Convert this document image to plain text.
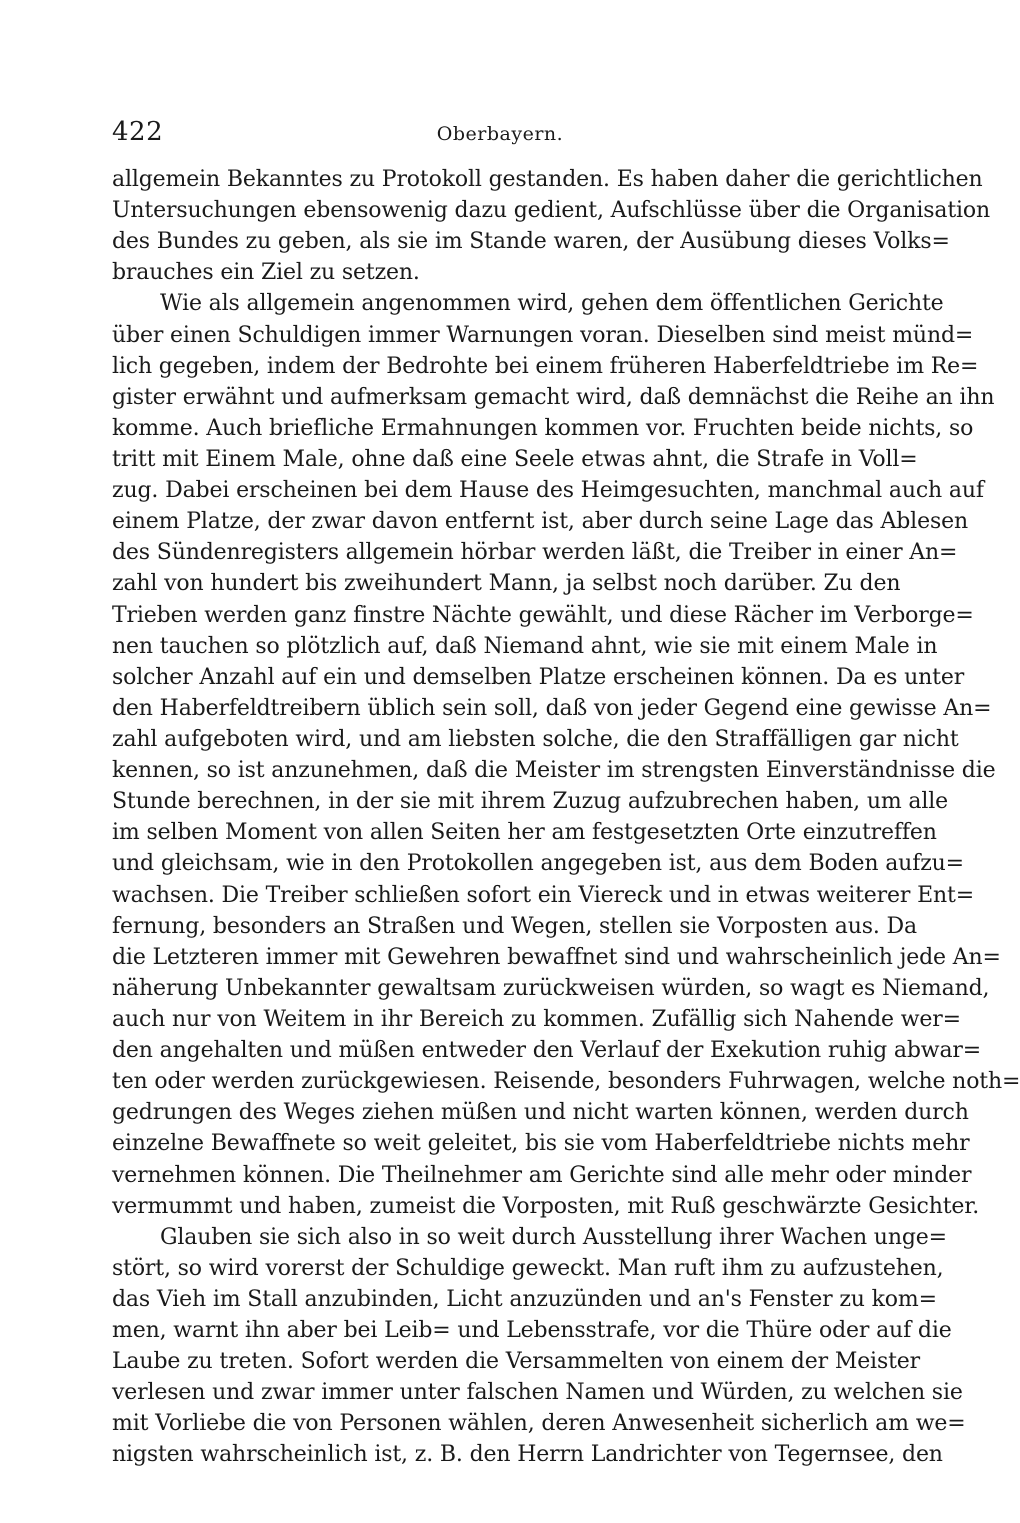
422	Oberbayern.
allgemein Bekanntes zu Protokoll gestanden. Es haben daher die gerichtlichen
Untersuchungen ebensowenig dazu gedient, Aufschlüsse über die Organisation
des Bundes zu geben, als sie im Stande waren, der Ausübung dieses Volks=
brauches ein Ziel zu setzen.
Wie als allgemein angenommen wird, gehen dem öffentlichen Gerichte
über einen Schuldigen immer Warnungen voran. Dieselben sind meist münd=
lich gegeben, indem der Bedrohte bei einem früheren Haberfeldtriebe im Re=
gister erwähnt und aufmerksam gemacht wird, daß demnächst die Reihe an ihn
komme. Auch briefliche Ermahnungen kommen vor. Fruchten beide nichts, so
tritt mit Einem Male, ohne daß eine Seele etwas ahnt, die Strafe in Voll=
zug. Dabei erscheinen bei dem Hause des Heimgesuchten, manchmal auch auf
einem Platze, der zwar davon entfernt ist, aber durch seine Lage das Ablesen
des Sündenregisters allgemein hörbar werden läßt, die Treiber in einer An=
zahl von hundert bis zweihundert Mann, ja selbst noch darüber. Zu den
Trieben werden ganz finstre Nächte gewählt, und diese Rächer im Verborge=
nen tauchen so plötzlich auf, daß Niemand ahnt, wie sie mit einem Male in
solcher Anzahl auf ein und demselben Platze erscheinen können. Da es unter
den Haberfeldtreibern üblich sein soll, daß von jeder Gegend eine gewisse An=
zahl aufgeboten wird, und am liebsten solche, die den Straffälligen gar nicht
kennen, so ist anzunehmen, daß die Meister im strengsten Einverständnisse die
Stunde berechnen, in der sie mit ihrem Zuzug aufzubrechen haben, um alle
im selben Moment von allen Seiten her am festgesetzten Orte einzutreffen
und gleichsam, wie in den Protokollen angegeben ist, aus dem Boden aufzu=
wachsen. Die Treiber schließen sofort ein Viereck und in etwas weiterer Ent=
fernung, besonders an Straßen und Wegen, stellen sie Vorposten aus. Da
die Letzteren immer mit Gewehren bewaffnet sind und wahrscheinlich jede An=
näherung Unbekannter gewaltsam zurückweisen würden, so wagt es Niemand,
auch nur von Weitem in ihr Bereich zu kommen. Zufällig sich Nahende wer=
den angehalten und müßen entweder den Verlauf der Exekution ruhig abwar=
ten oder werden zurückgewiesen. Reisende, besonders Fuhrwagen, welche noth=
gedrungen des Weges ziehen müßen und nicht warten können, werden durch
einzelne Bewaffnete so weit geleitet, bis sie vom Haberfeldtriebe nichts mehr
vernehmen können. Die Theilnehmer am Gerichte sind alle mehr oder minder
vermummt und haben, zumeist die Vorposten, mit Ruß geschwärzte Gesichter.
Glauben sie sich also in so weit durch Ausstellung ihrer Wachen unge=
stört, so wird vorerst der Schuldige geweckt. Man ruft ihm zu aufzustehen,
das Vieh im Stall anzubinden, Licht anzuzünden und an's Fenster zu kom=
men, warnt ihn aber bei Leib= und Lebensstrafe, vor die Thüre oder auf die
Laube zu treten. Sofort werden die Versammelten von einem der Meister
verlesen und zwar immer unter falschen Namen und Würden, zu welchen sie
mit Vorliebe die von Personen wählen, deren Anwesenheit sicherlich am we=
nigsten wahrscheinlich ist, z. B. den Herrn Landrichter von Tegernsee, den
